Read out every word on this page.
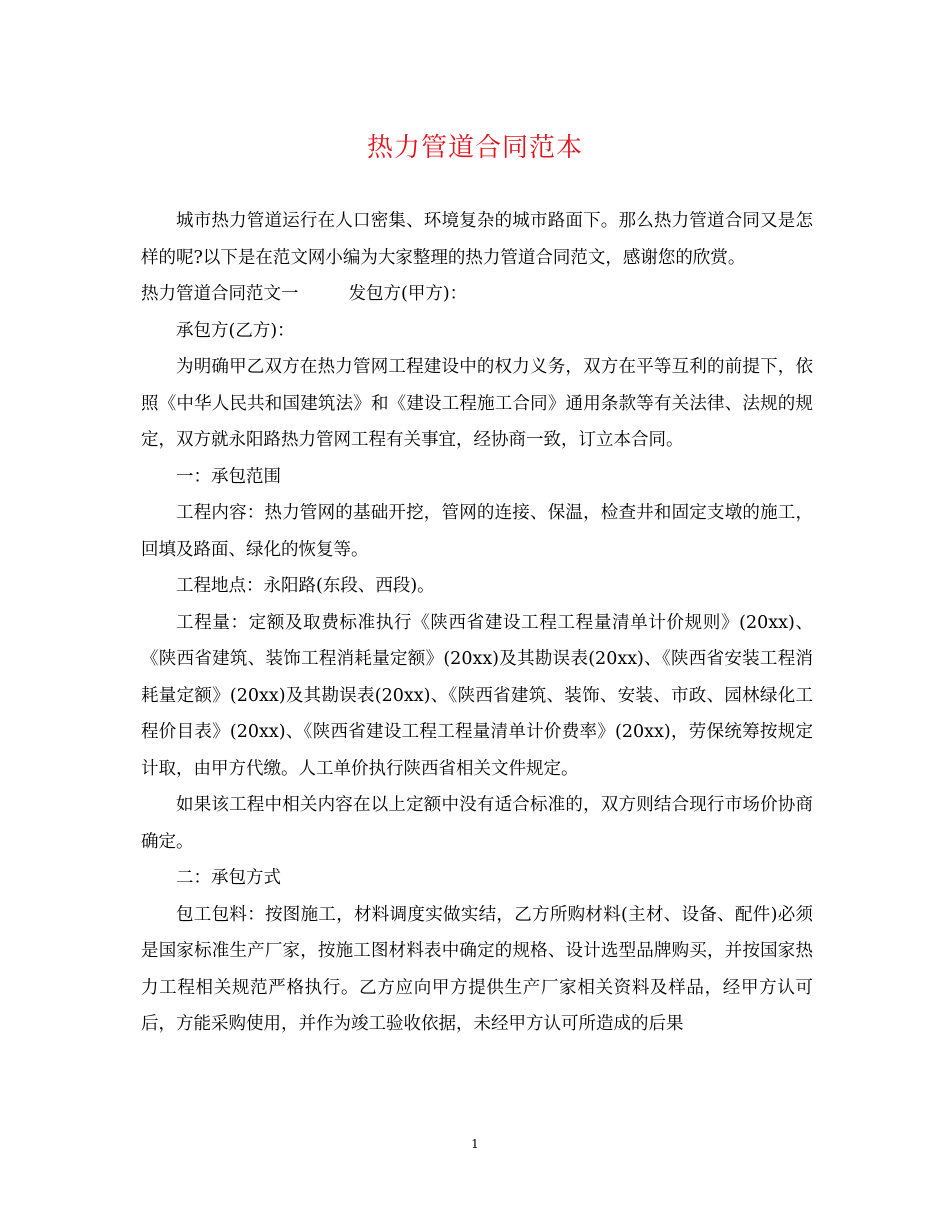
热力管道合同范本

城市热力管道运行在人口密集、环境复杂的城市路面下。那么热力管道合同又是怎样的呢?以下是在范文网小编为大家整理的热力管道合同范文，感谢您的欣赏。

热力管道合同范文一	发包方(甲方)：

承包方(乙方)：

为明确甲乙双方在热力管网工程建设中的权力义务，双方在平等互利的前提下，依照《中华人民共和国建筑法》和《建设工程施工合同》通用条款等有关法律、法规的规定，双方就永阳路热力管网工程有关事宜，经协商一致，订立本合同。

一：承包范围

工程内容：热力管网的基础开挖，管网的连接、保温，检查井和固定支墩的施工，回填及路面、绿化的恢复等。

工程地点：永阳路(东段、西段)。

工程量：定额及取费标准执行《陕西省建设工程工程量清单计价规则》(20xx)、《陕西省建筑、装饰工程消耗量定额》(20xx)及其勘误表(20xx)、《陕西省安装工程消耗量定额》(20xx)及其勘误表(20xx)、《陕西省建筑、装饰、安装、市政、园林绿化工程价目表》(20xx)、《陕西省建设工程工程量清单计价费率》(20xx)，劳保统筹按规定计取，由甲方代缴。人工单价执行陕西省相关文件规定。

如果该工程中相关内容在以上定额中没有适合标准的，双方则结合现行市场价协商确定。

二：承包方式

包工包料：按图施工，材料调度实做实结，乙方所购材料(主材、设备、配件)必须是国家标准生产厂家，按施工图材料表中确定的规格、设计选型品牌购买，并按国家热力工程相关规范严格执行。乙方应向甲方提供生产厂家相关资料及样品，经甲方认可后，方能采购使用，并作为竣工验收依据，未经甲方认可所造成的后果

1
